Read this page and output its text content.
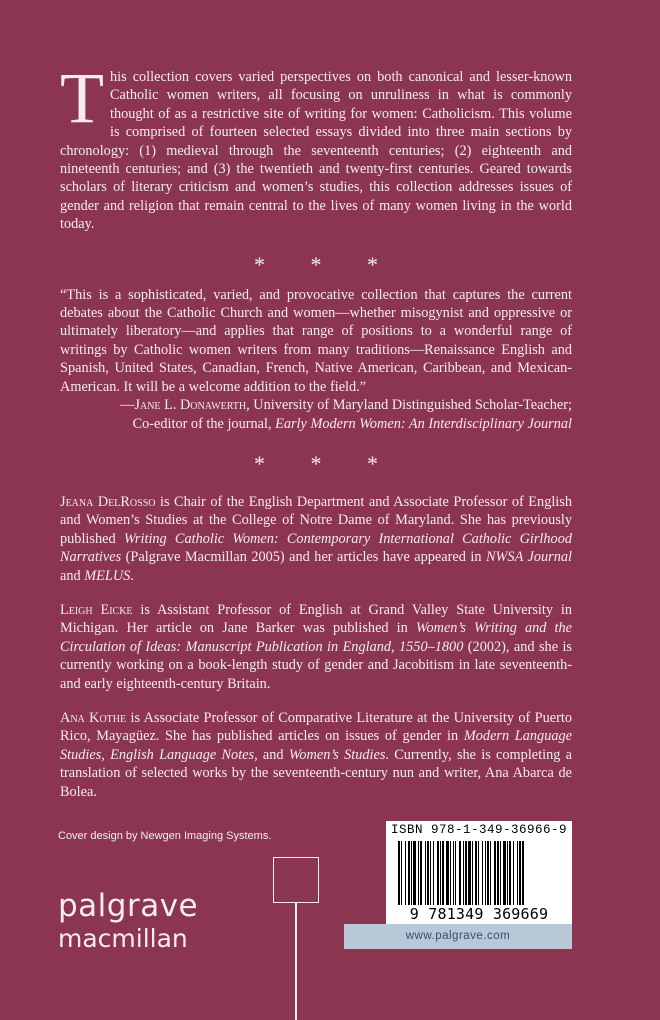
This collection covers varied perspectives on both canonical and lesser-known Catholic women writers, all focusing on unruliness in what is commonly thought of as a restrictive site of writing for women: Catholicism. This volume is comprised of fourteen selected essays divided into three main sections by chronology: (1) medieval through the seventeenth centuries; (2) eighteenth and nineteenth centuries; and (3) the twentieth and twenty-first centuries. Geared towards scholars of literary criticism and women’s studies, this collection addresses issues of gender and religion that remain central to the lives of many women living in the world today.

* * *

“This is a sophisticated, varied, and provocative collection that captures the current debates about the Catholic Church and women—whether misogynist and oppressive or ultimately liberatory—and applies that range of positions to a wonderful range of writings by Catholic women writers from many traditions—Renaissance English and Spanish, United States, Canadian, French, Native American, Caribbean, and Mexican-American. It will be a welcome addition to the field.”

—Jane L. Donawerth, University of Maryland Distinguished Scholar-Teacher;
Co-editor of the journal, Early Modern Women: An Interdisciplinary Journal
* * *

Jeana DelRosso is Chair of the English Department and Associate Professor of English and Women’s Studies at the College of Notre Dame of Maryland. She has previously published Writing Catholic Women: Contemporary International Catholic Girlhood Narratives (Palgrave Macmillan 2005) and her articles have appeared in NWSA Journal and MELUS.

Leigh Eicke is Assistant Professor of English at Grand Valley State University in Michigan. Her article on Jane Barker was published in Women’s Writing and the Circulation of Ideas: Manuscript Publication in England, 1550–1800 (2002), and she is currently working on a book-length study of gender and Jacobitism in late seventeenth- and early eighteenth-century Britain.

Ana Kothe is Associate Professor of Comparative Literature at the University of Puerto Rico, Mayagüez. She has published articles on issues of gender in Modern Language Studies, English Language Notes, and Women’s Studies. Currently, she is completing a translation of selected works by the seventeenth-century nun and writer, Ana Abarca de Bolea.

Cover design by Newgen Imaging Systems.
palgrave
macmillan
ISBN 978-1-349-36966-9
9 781349 369669
www.palgrave.com
